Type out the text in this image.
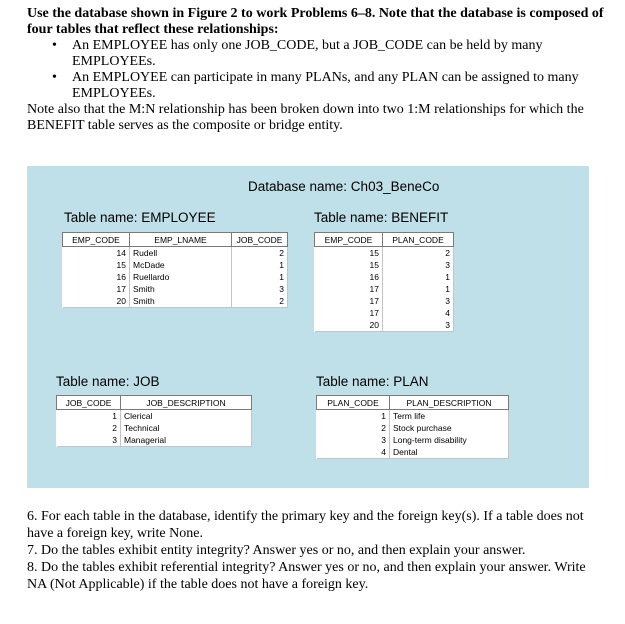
Use the database shown in Figure 2 to work Problems 6–8. Note that the database is composed of four tables that reflect these relationships:

• An EMPLOYEE has only one JOB_CODE, but a JOB_CODE can be held by many EMPLOYEEs.
• An EMPLOYEE can participate in many PLANs, and any PLAN can be assigned to many EMPLOYEEs.

Note also that the M:N relationship has been broken down into two 1:M relationships for which the BENEFIT table serves as the composite or bridge entity.

Database name: Ch03_BeneCo
Table name: EMPLOYEE
EMP_CODE	EMP_LNAME	JOB_CODE
14	Rudell	2
15	McDade	1
16	Ruellardo	1
17	Smith	3
20	Smith	2
Table name: BENEFIT
EMP_CODE	PLAN_CODE
15	2
15	3
16	1
17	1
17	3
17	4
20	3
Table name: JOB
JOB_CODE	JOB_DESCRIPTION
1	Clerical
2	Technical
3	Managerial
Table name: PLAN
PLAN_CODE	PLAN_DESCRIPTION
1	Term life
2	Stock purchase
3	Long-term disability
4	Dental

6. For each table in the database, identify the primary key and the foreign key(s). If a table does not have a foreign key, write None.

7. Do the tables exhibit entity integrity? Answer yes or no, and then explain your answer.

8. Do the tables exhibit referential integrity? Answer yes or no, and then explain your answer. Write NA (Not Applicable) if the table does not have a foreign key.
